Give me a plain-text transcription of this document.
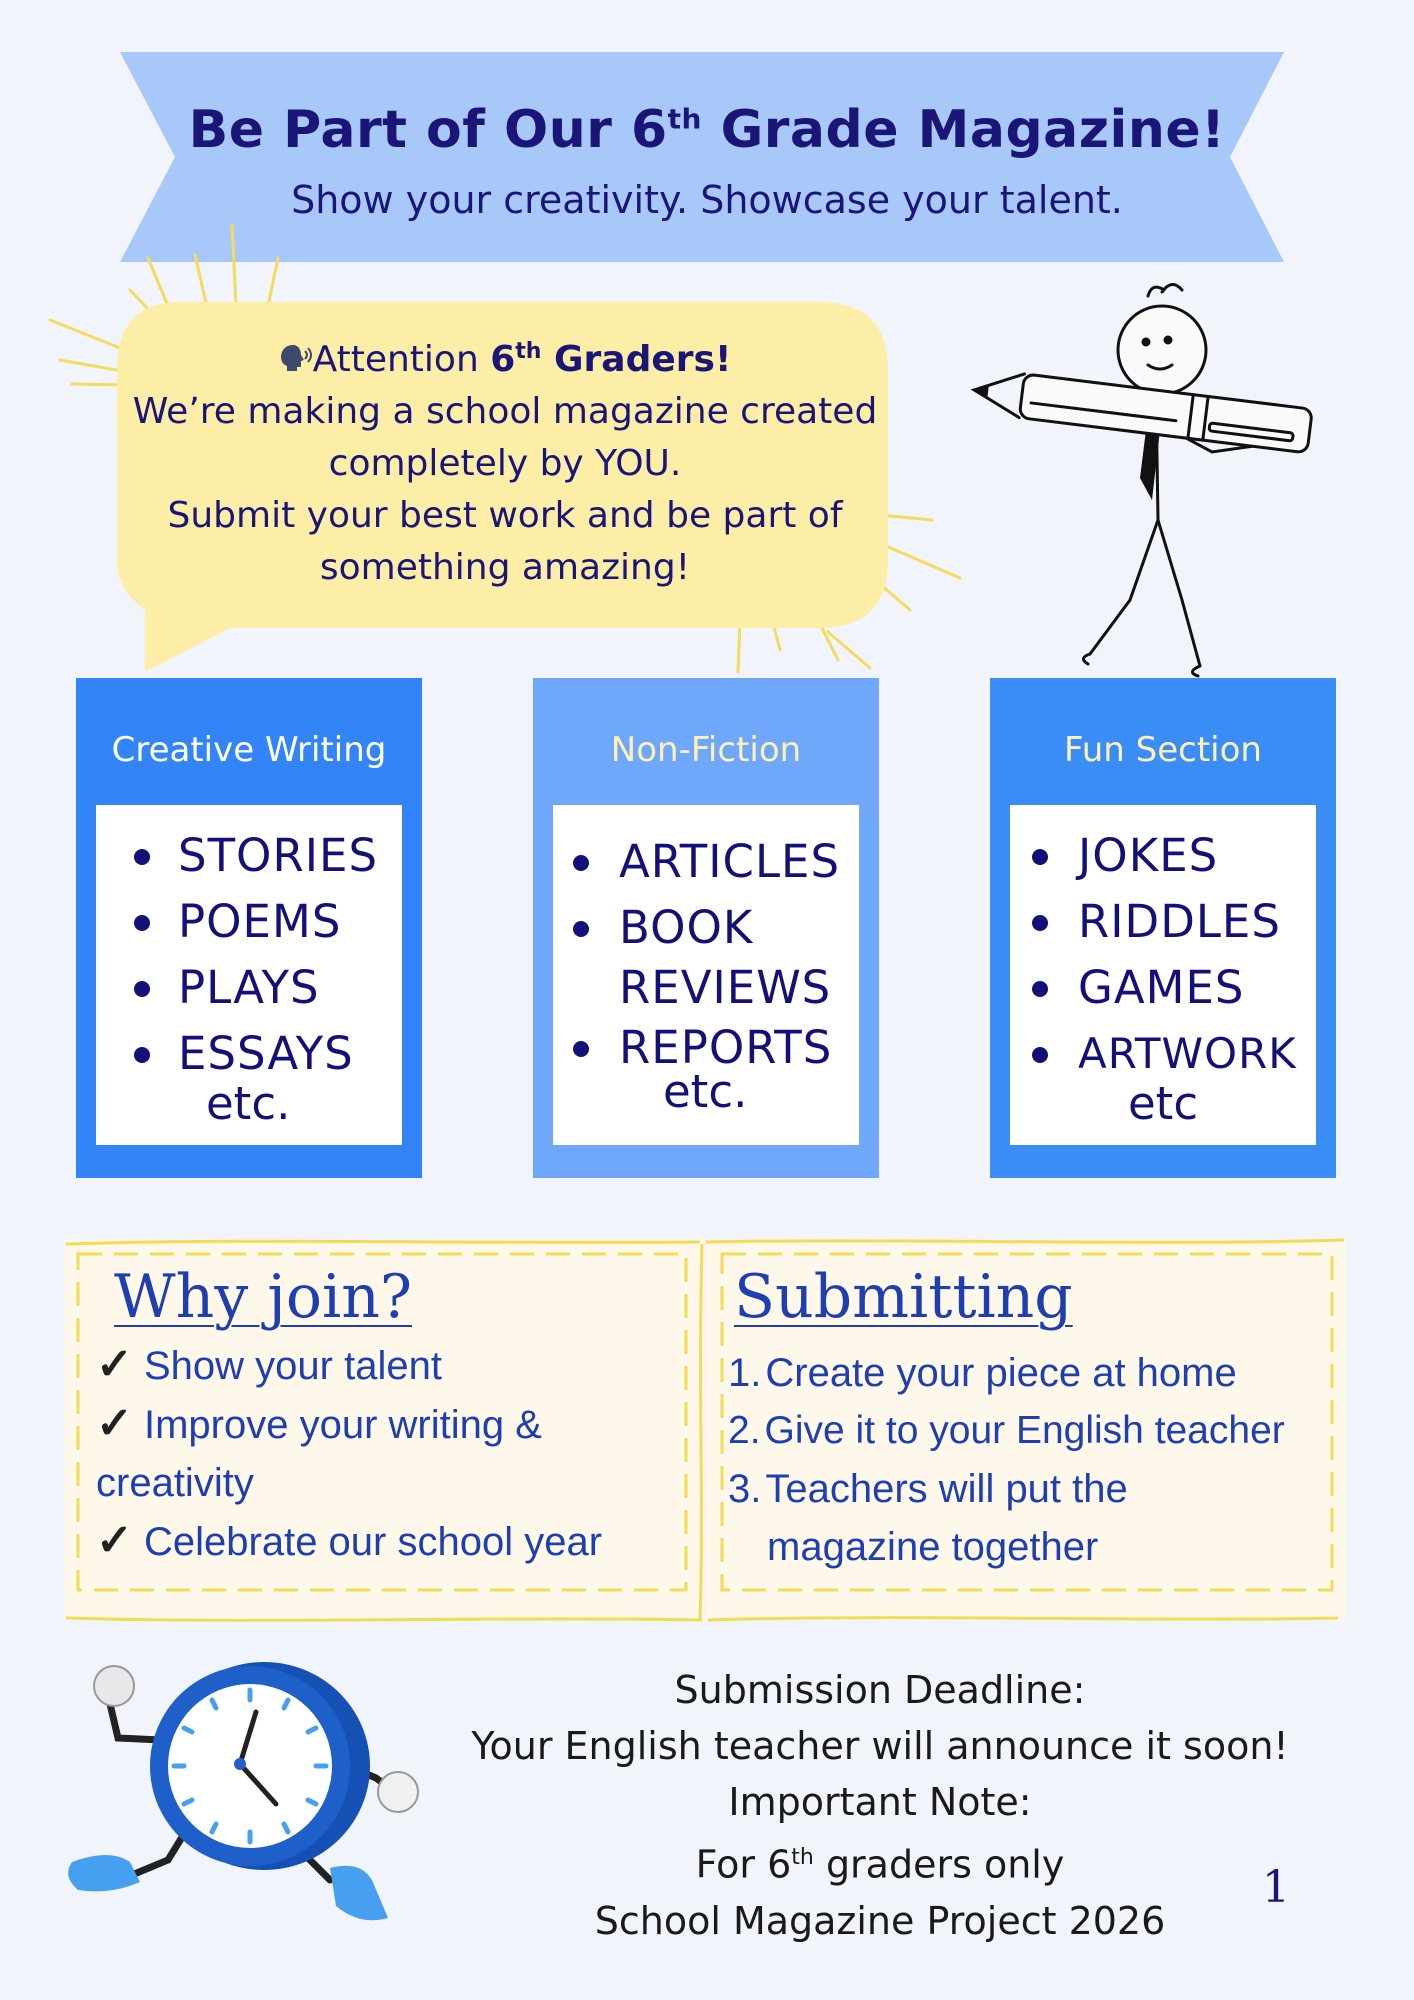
Be Part of Our 6th Grade Magazine!
Show your creativity. Showcase your talent.
Attention 6th Graders!
We’re making a school magazine created
completely by YOU.
Submit your best work and be part of
something amazing!
Creative Writing
STORIES
POEMS
PLAYS
ESSAYS
etc.
Non-Fiction
ARTICLES
BOOK
REVIEWS
REPORTS
etc.
Fun Section
JOKES
RIDDLES
GAMES
ARTWORK
etc
Why join?
✓ Show your talent
✓ Improve your writing &
creativity
✓ Celebrate our school year
Submitting
1. Create your piece at home
2. Give it to your English teacher
3. Teachers will put the
magazine together
Submission Deadline:
Your English teacher will announce it soon!
Important Note:
For 6th graders only
School Magazine Project 2026
1
